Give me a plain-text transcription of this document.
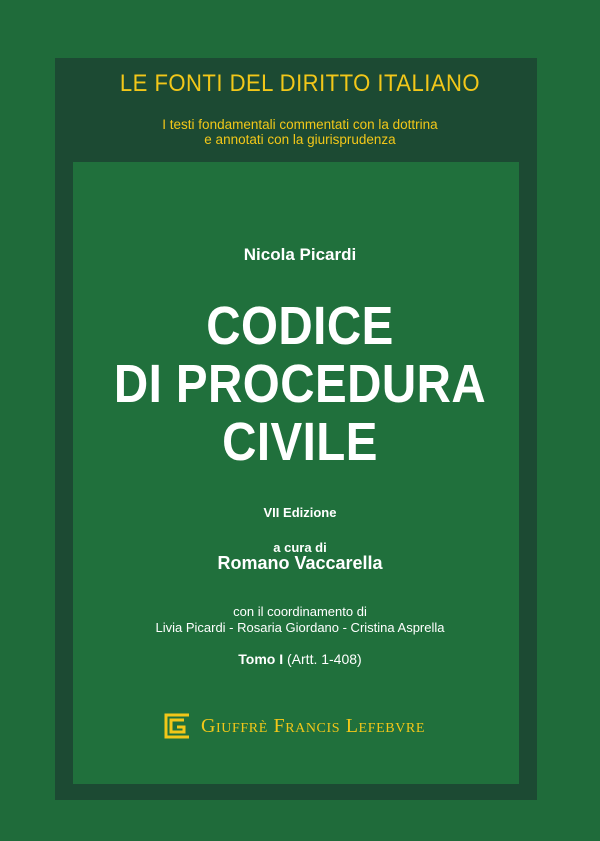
LE FONTI DEL DIRITTO ITALIANO
I testi fondamentali commentati con la dottrina
e annotati con la giurisprudenza
Nicola Picardi
CODICE
DI PROCEDURA
CIVILE
VII Edizione
a cura di
Romano Vaccarella
con il coordinamento di
Livia Picardi - Rosaria Giordano - Cristina Asprella
Tomo I (Artt. 1-408)
Giuffrè Francis Lefebvre
